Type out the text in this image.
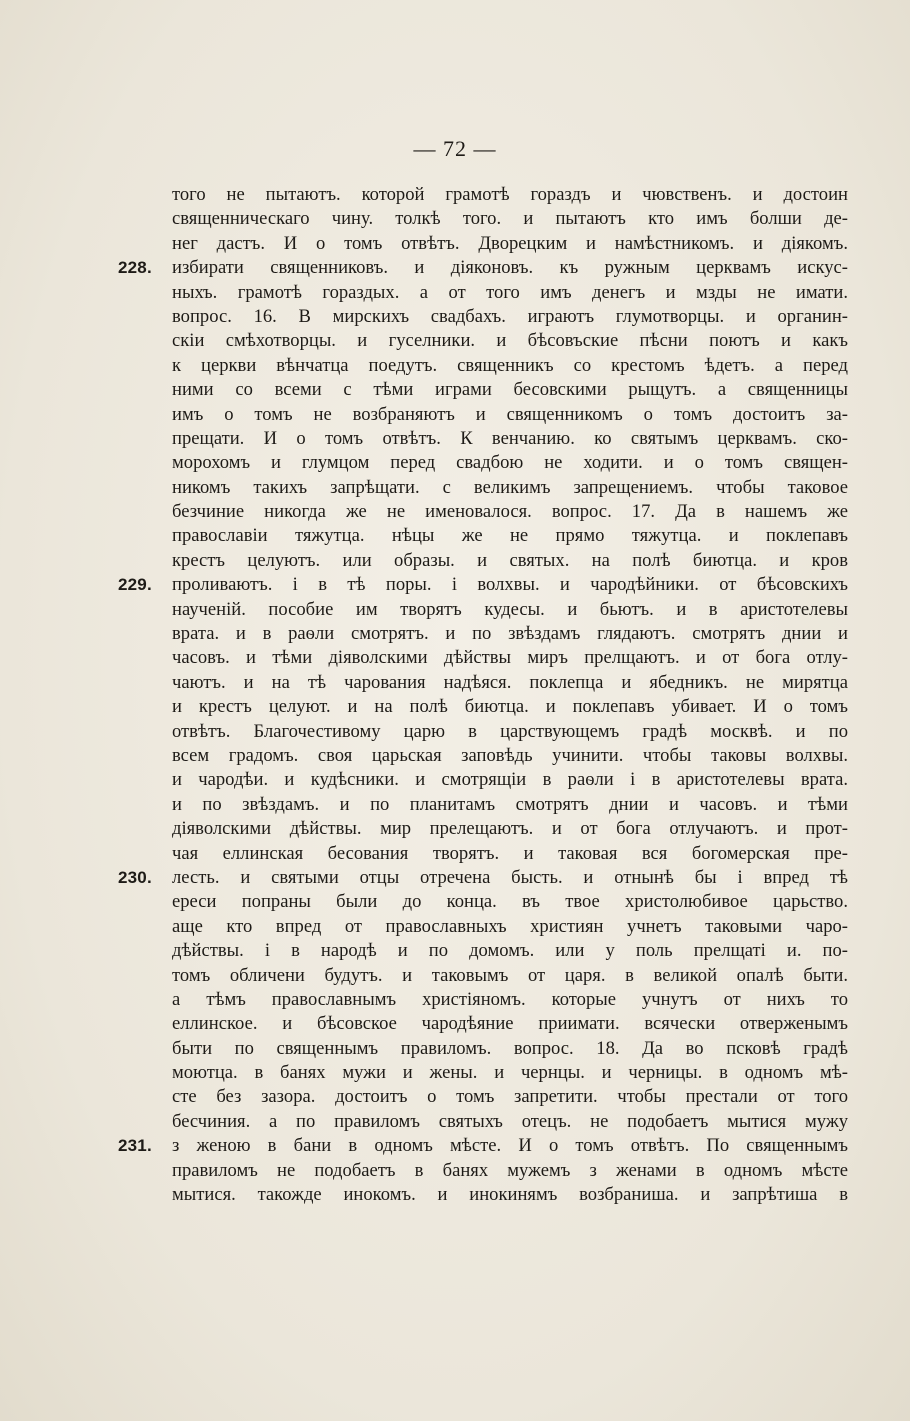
— 72 —
того не пытаютъ. которой грамотѣ гораздъ и чювственъ. и достоин
священническаго чину. толкѣ того. и пытаютъ кто имъ болши де-
нег дастъ. И о томъ отвѣтъ. Дворецким и намѣстникомъ. и дiякомъ.
228. избирати священниковъ. и дiяконовъ. къ ружным церквамъ искус-
ныхъ. грамотѣ гораздых. а от того имъ денегъ и мзды не имати.
вопрос. 16. В мирскихъ свадбахъ. играютъ глумотворцы. и органин-
скiи смѣхотворцы. и гуселники. и бѣсовъские пѣсни поютъ и какъ
к церкви вѣнчатца поедутъ. священникъ со крестомъ ѣдетъ. а перед
ними со всеми с тѣми играми бесовскими рыщутъ. а священницы
имъ о томъ не возбраняютъ и священникомъ о томъ достоитъ за-
прещати. И о томъ отвѣтъ. К венчанию. ко святымъ церквамъ. ско-
морохомъ и глумцом перед свадбою не ходити. и о томъ священ-
никомъ такихъ запрѣщати. с великимъ запрещениемъ. чтобы таковое
безчиние никогда же не именовалося. вопрос. 17. Да в нашемъ же
православiи тяжутца. нѣцы же не прямо тяжутца. и поклепавъ
крестъ целуютъ. или образы. и святых. на полѣ биютца. и кров
229. проливаютъ. i в тѣ поры. i волхвы. и чародѣйники. от бѣсовскихъ
наученiй. пособие им творятъ кудесы. и бьютъ. и в аристотелевы
врата. и в раѳли смотрятъ. и по звѣздамъ глядаютъ. смотрятъ днии и
часовъ. и тѣми дiяволскими дѣйствы миръ прелщаютъ. и от бога отлу-
чаютъ. и на тѣ чарования надѣяся. поклепца и ябедникъ. не мирятца
и крестъ целуют. и на полѣ биютца. и поклепавъ убивает. И о томъ
отвѣтъ. Благочестивому царю в царствующемъ градѣ москвѣ. и по
всем градомъ. своя царьская заповѣдь учинити. чтобы таковы волхвы.
и чародѣи. и кудѣсники. и смотрящiи в раѳли i в аристотелевы врата.
и по звѣздамъ. и по планитамъ смотрятъ днии и часовъ. и тѣми
дiяволскими дѣйствы. мир прелещаютъ. и от бога отлучаютъ. и прот-
чая еллинская бесования творятъ. и таковая вся богомерская пре-
230. лесть. и святыми отцы отречена бысть. и отнынѣ бы i впред тѣ
ереси попраны были до конца. въ твое христолюбивое царьство.
аще кто впред от православныхъ християн учнетъ таковыми чаро-
дѣйствы. i в народѣ и по домомъ. или у поль прелщатi и. по-
томъ обличени будутъ. и таковымъ от царя. в великой опалѣ быти.
а тѣмъ православнымъ христiяномъ. которые учнутъ от нихъ то
еллинское. и бѣсовское чародѣяние приимати. всячески отверженымъ
быти по священнымъ правиломъ. вопрос. 18. Да во псковѣ градѣ
моютца. в банях мужи и жены. и чернцы. и черницы. в одномъ мѣ-
сте без зазора. достоитъ о томъ запретити. чтобы престали от того
бесчиния. а по правиломъ святыхъ отецъ. не подобаетъ мытися мужу
231. з женою в бани в одномъ мѣсте. И о томъ отвѣтъ. По священнымъ
правиломъ не подобаетъ в банях мужемъ з женами в одномъ мѣсте
мытися. такожде инокомъ. и инокинямъ возбраниша. и запрѣтиша в
